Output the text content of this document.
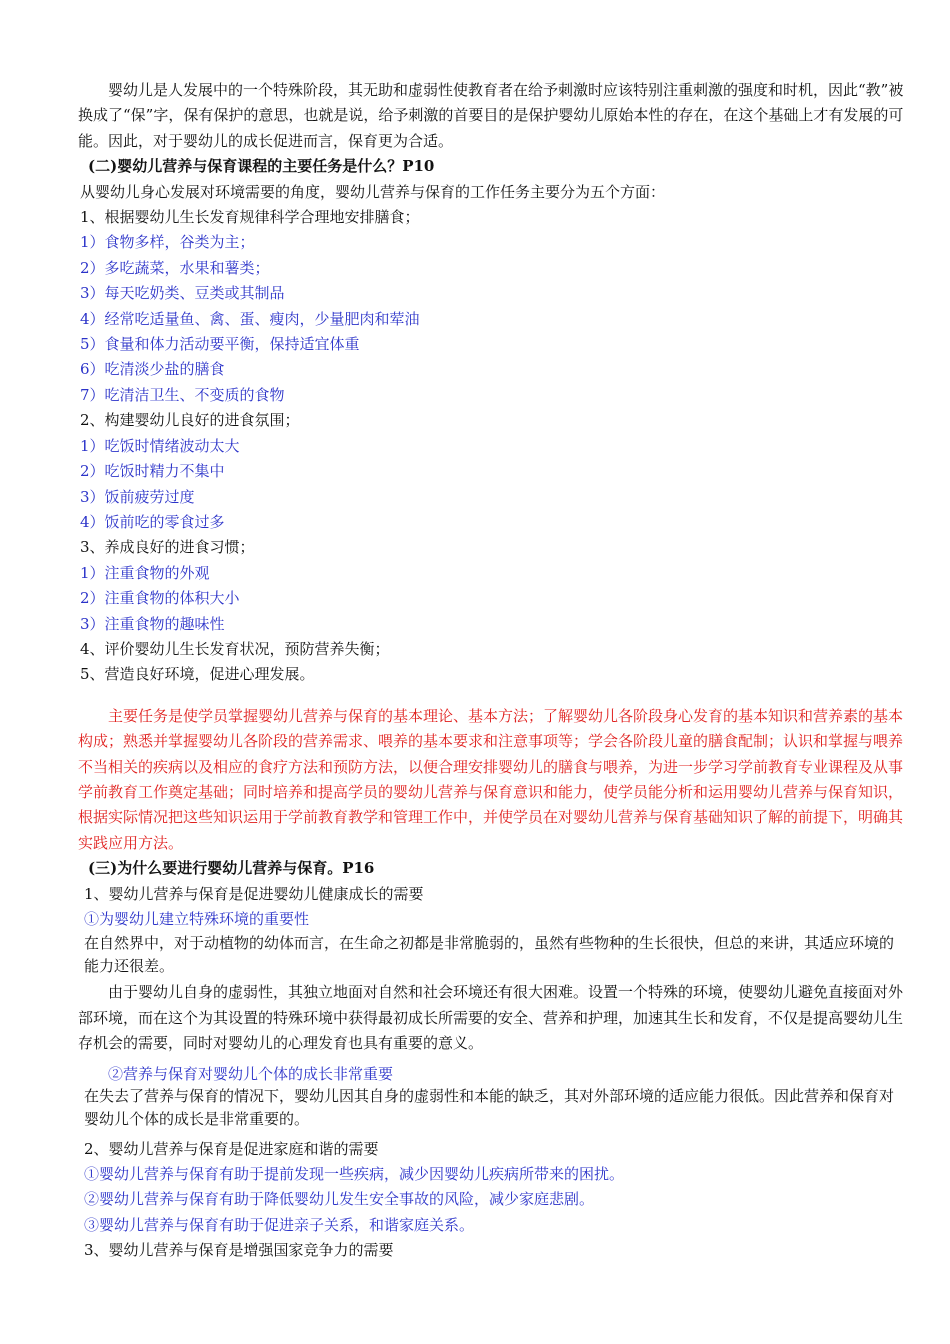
婴幼儿是人发展中的一个特殊阶段，其无助和虚弱性使教育者在给予刺激时应该特别注重刺激的强度和时机，因此“教”被换成了“保”字，保有保护的意思，也就是说，给予刺激的首要目的是保护婴幼儿原始本性的存在，在这个基础上才有发展的可能。因此，对于婴幼儿的成长促进而言，保育更为合适。

(二)婴幼儿营养与保育课程的主要任务是什么？P10

从婴幼儿身心发展对环境需要的角度，婴幼儿营养与保育的工作任务主要分为五个方面：

1、根据婴幼儿生长发育规律科学合理地安排膳食；

1）食物多样，谷类为主；

2）多吃蔬菜，水果和薯类；

3）每天吃奶类、豆类或其制品

4）经常吃适量鱼、禽、蛋、瘦肉，少量肥肉和荤油

5）食量和体力活动要平衡，保持适宜体重

6）吃清淡少盐的膳食

7）吃清洁卫生、不变质的食物

2、构建婴幼儿良好的进食氛围；

1）吃饭时情绪波动太大

2）吃饭时精力不集中

3）饭前疲劳过度

4）饭前吃的零食过多

3、养成良好的进食习惯；

1）注重食物的外观

2）注重食物的体积大小

3）注重食物的趣味性

4、评价婴幼儿生长发育状况，预防营养失衡；

5、营造良好环境，促进心理发展。

主要任务是使学员掌握婴幼儿营养与保育的基本理论、基本方法；了解婴幼儿各阶段身心发育的基本知识和营养素的基本构成；熟悉并掌握婴幼儿各阶段的营养需求、喂养的基本要求和注意事项等；学会各阶段儿童的膳食配制；认识和掌握与喂养不当相关的疾病以及相应的食疗方法和预防方法，以便合理安排婴幼儿的膳食与喂养，为进一步学习学前教育专业课程及从事学前教育工作奠定基础；同时培养和提高学员的婴幼儿营养与保育意识和能力，使学员能分析和运用婴幼儿营养与保育知识，根据实际情况把这些知识运用于学前教育教学和管理工作中，并使学员在对婴幼儿营养与保育基础知识了解的前提下，明确其实践应用方法。

(三)为什么要进行婴幼儿营养与保育。P16

1、婴幼儿营养与保育是促进婴幼儿健康成长的需要

①为婴幼儿建立特殊环境的重要性

在自然界中，对于动植物的幼体而言，在生命之初都是非常脆弱的，虽然有些物种的生长很快，但总的来讲，其适应环境的能力还很差。

由于婴幼儿自身的虚弱性，其独立地面对自然和社会环境还有很大困难。设置一个特殊的环境，使婴幼儿避免直接面对外部环境，而在这个为其设置的特殊环境中获得最初成长所需要的安全、营养和护理，加速其生长和发育，不仅是提高婴幼儿生存机会的需要，同时对婴幼儿的心理发育也具有重要的意义。

②营养与保育对婴幼儿个体的成长非常重要

在失去了营养与保育的情况下，婴幼儿因其自身的虚弱性和本能的缺乏，其对外部环境的适应能力很低。因此营养和保育对婴幼儿个体的成长是非常重要的。

2、婴幼儿营养与保育是促进家庭和谐的需要

①婴幼儿营养与保育有助于提前发现一些疾病，减少因婴幼儿疾病所带来的困扰。

②婴幼儿营养与保育有助于降低婴幼儿发生安全事故的风险，减少家庭悲剧。

③婴幼儿营养与保育有助于促进亲子关系，和谐家庭关系。

3、婴幼儿营养与保育是增强国家竞争力的需要
